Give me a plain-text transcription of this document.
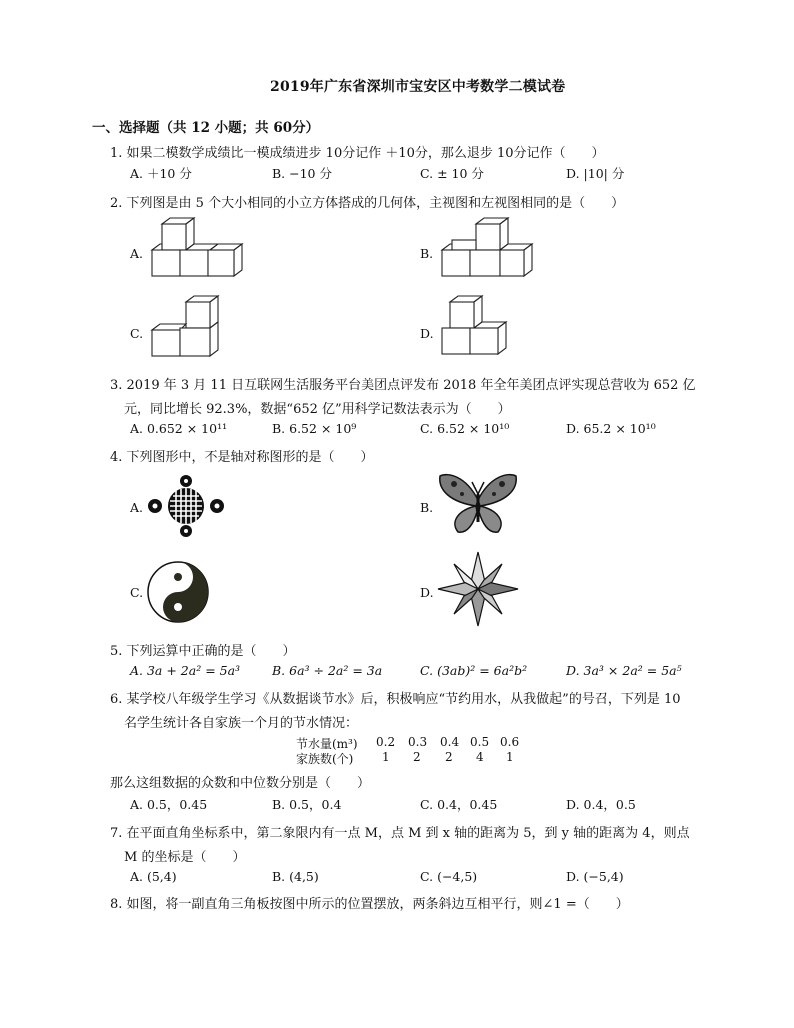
2019年广东省深圳市宝安区中考数学二模试卷
一、选择题（共 12 小题；共 60分）
1. 如果二模数学成绩比一模成绩进步 10分记作 ＋10分，那么退步 10分记作（　　）
A. ＋10 分	B. −10 分	C. ± 10 分	D. |10| 分
2. 下列图是由 5 个大小相同的小立方体搭成的几何体，主视图和左视图相同的是（　　）
A.	B.
C.	D.
3. 2019 年 3 月 11 日互联网生活服务平台美团点评发布 2018 年全年美团点评实现总营收为 652 亿
元，同比增长 92.3%，数据“652 亿”用科学记数法表示为（　　）
A. 0.652 × 10¹¹	B. 6.52 × 10⁹	C. 6.52 × 10¹⁰	D. 65.2 × 10¹⁰
4. 下列图形中，不是轴对称图形的是（　　）
A.	B.
C.	D.
5. 下列运算中正确的是（　　）
A. 3a + 2a² = 5a³	B. 6a³ ÷ 2a² = 3a	C. (3ab)² = 6a²b²	D. 3a³ × 2a² = 5a⁵
6. 某学校八年级学生学习《从数据谈节水》后，积极响应“节约用水，从我做起”的号召，下列是 10
名学生统计各自家族一个月的节水情况：
节水量(m³) 0.2 0.3 0.4 0.5 0.6
家族数(个) 1 2 2 4 1
那么这组数据的众数和中位数分别是（　　）
A. 0.5，0.45	B. 0.5，0.4	C. 0.4，0.45	D. 0.4，0.5
7. 在平面直角坐标系中，第二象限内有一点 M，点 M 到 x 轴的距离为 5，到 y 轴的距离为 4，则点
M 的坐标是（　　）
A. (5,4)	B. (4,5)	C. (−4,5)	D. (−5,4)
8. 如图，将一副直角三角板按图中所示的位置摆放，两条斜边互相平行，则∠1 =（　　）
